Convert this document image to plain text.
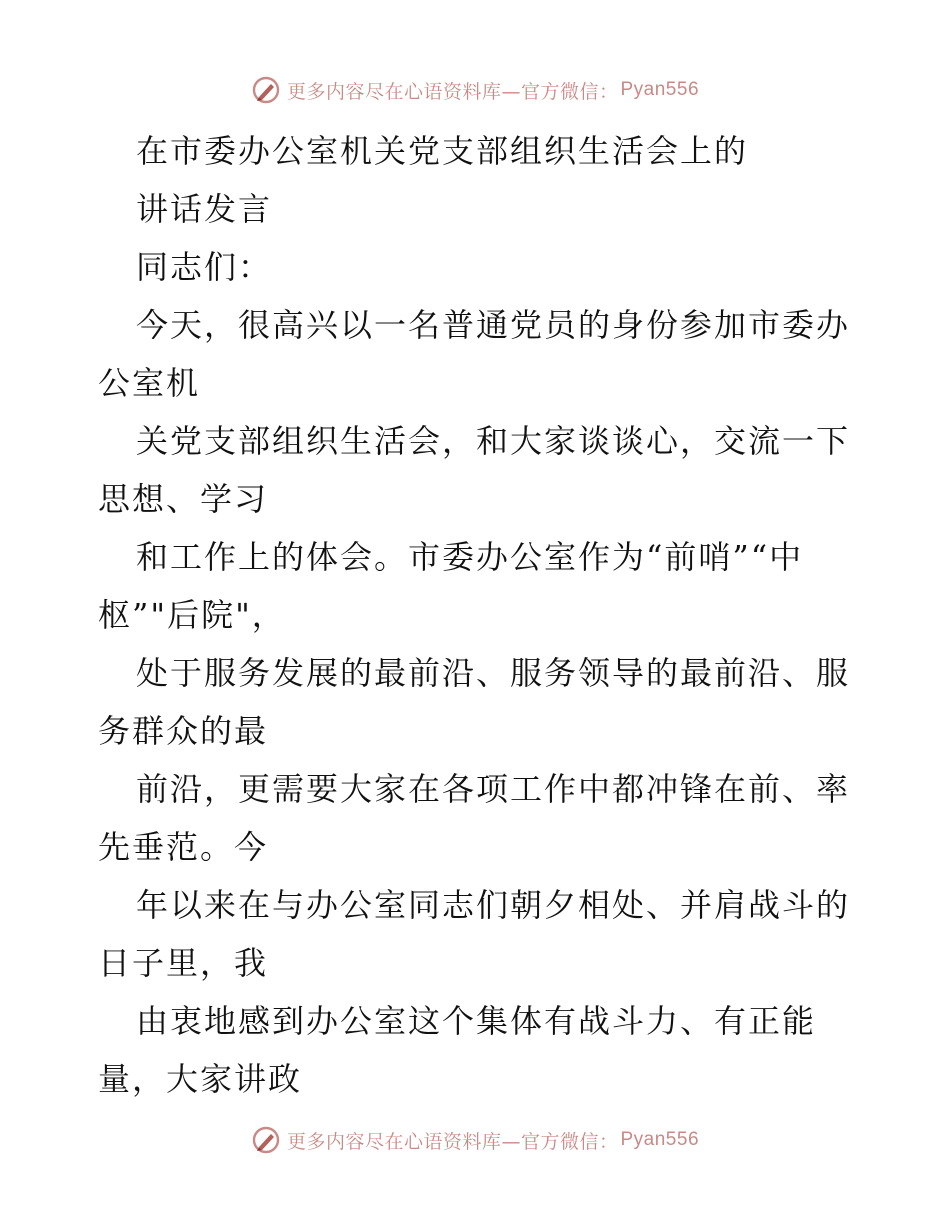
更多内容尽在心语资料库—官方微信： Pyan556
在市委办公室机关党支部组织生活会上的
讲话发言
同志们：
今天，很高兴以一名普通党员的身份参加市委办
公室机
关党支部组织生活会，和大家谈谈心，交流一下
思想、学习
和工作上的体会。市委办公室作为“前哨”“中
枢”"后院"，
处于服务发展的最前沿、服务领导的最前沿、服
务群众的最
前沿，更需要大家在各项工作中都冲锋在前、率
先垂范。今
年以来在与办公室同志们朝夕相处、并肩战斗的
日子里，我
由衷地感到办公室这个集体有战斗力、有正能
量，大家讲政
更多内容尽在心语资料库—官方微信： Pyan556
